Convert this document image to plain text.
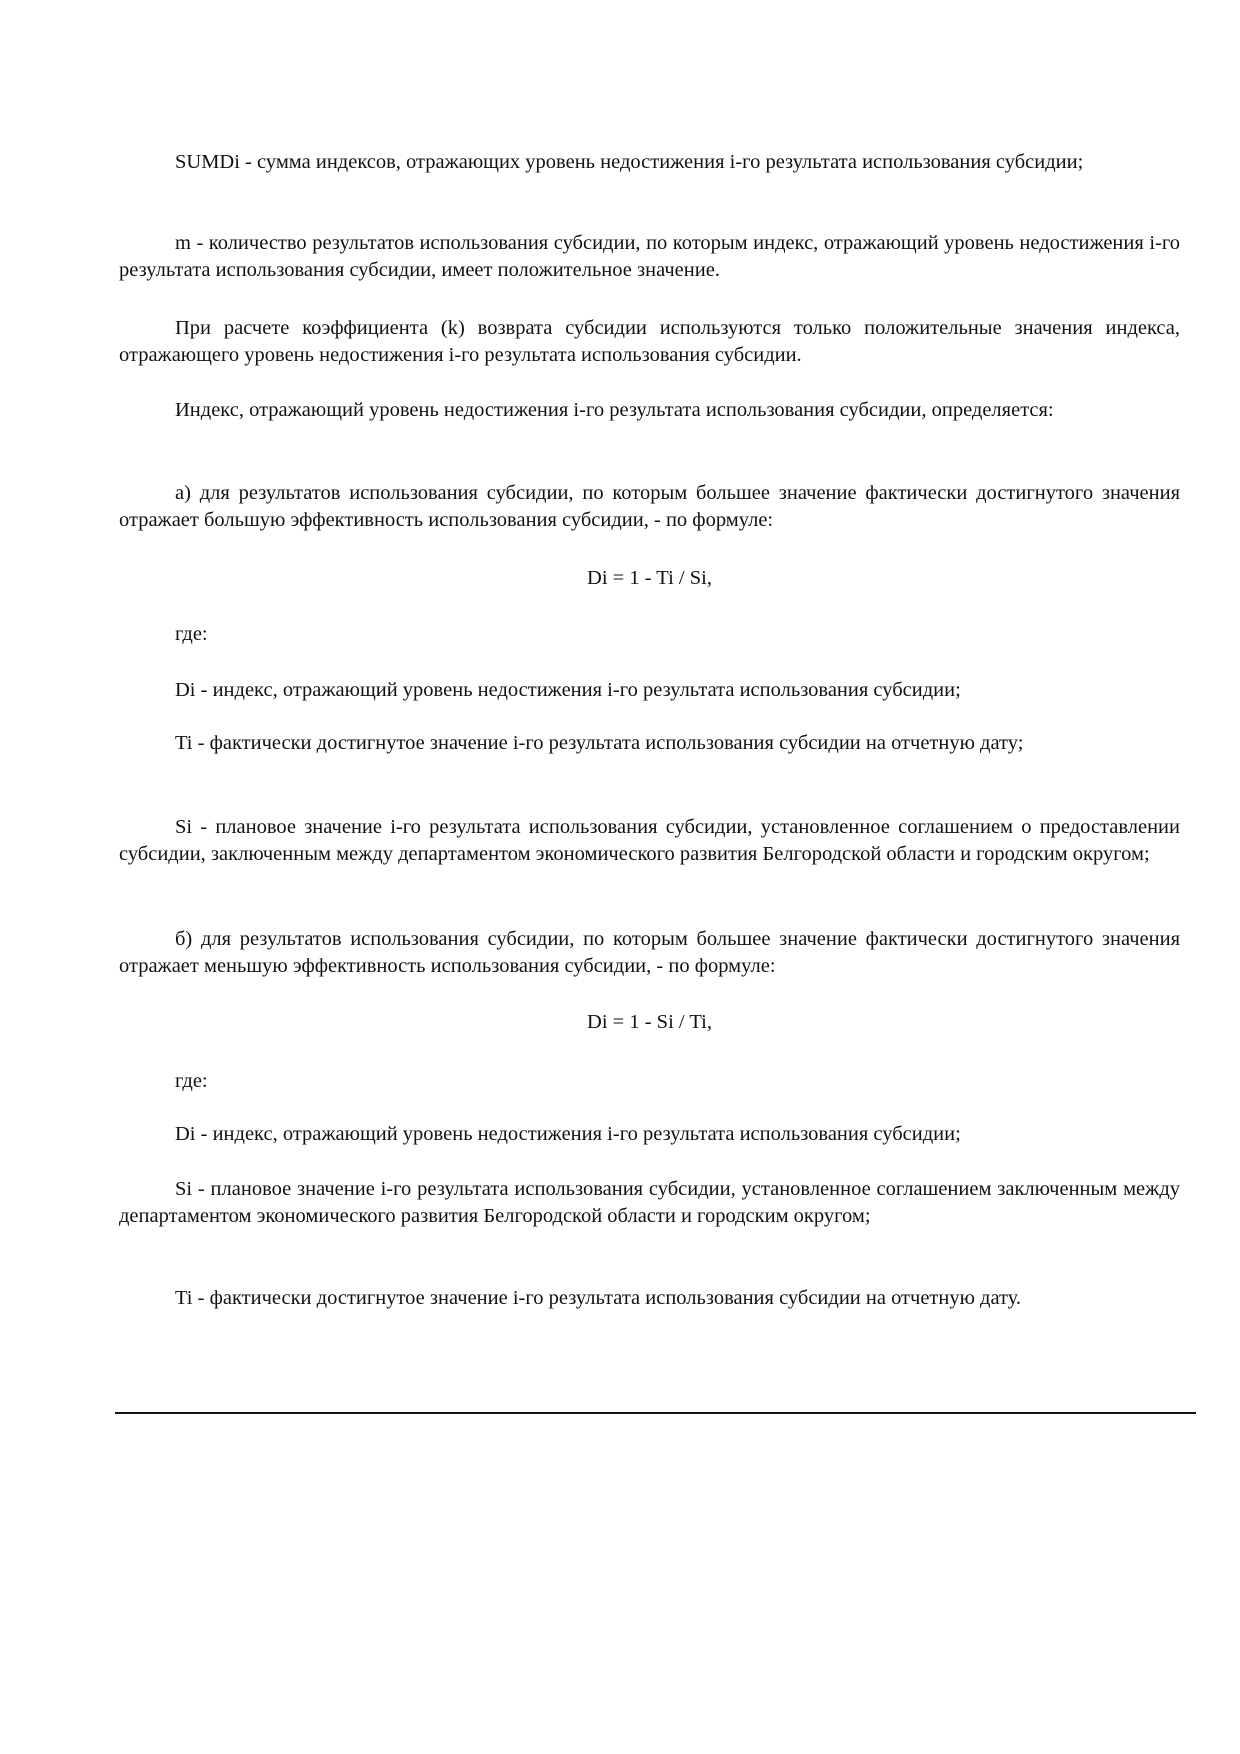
SUMDi - сумма индексов, отражающих уровень недостижения i-го результата использования субсидии;

m - количество результатов использования субсидии, по которым индекс, отражающий уровень недостижения i-го результата использования субсидии, имеет положительное значение.

При расчете коэффициента (k) возврата субсидии используются только положительные значения индекса, отражающего уровень недостижения i-го результата использования субсидии.

Индекс, отражающий уровень недостижения i-го результата использования субсидии, определяется:

а) для результатов использования субсидии, по которым большее значение фактически достигнутого значения отражает большую эффективность использования субсидии, - по формуле:

Di = 1 - Ti / Si,

где:

Di - индекс, отражающий уровень недостижения i-го результата использования субсидии;

Ti - фактически достигнутое значение i-го результата использования субсидии на отчетную дату;

Si - плановое значение i-го результата использования субсидии, установленное соглашением о предоставлении субсидии, заключенным между департаментом экономического развития Белгородской области и городским округом;

б) для результатов использования субсидии, по которым большее значение фактически достигнутого значения отражает меньшую эффективность использования субсидии, - по формуле:

Di = 1 - Si / Ti,

где:

Di - индекс, отражающий уровень недостижения i-го результата использования субсидии;

Si - плановое значение i-го результата использования субсидии, установленное соглашением заключенным между департаментом экономического развития Белгородской области и городским округом;

Ti - фактически достигнутое значение i-го результата использования субсидии на отчетную дату.
